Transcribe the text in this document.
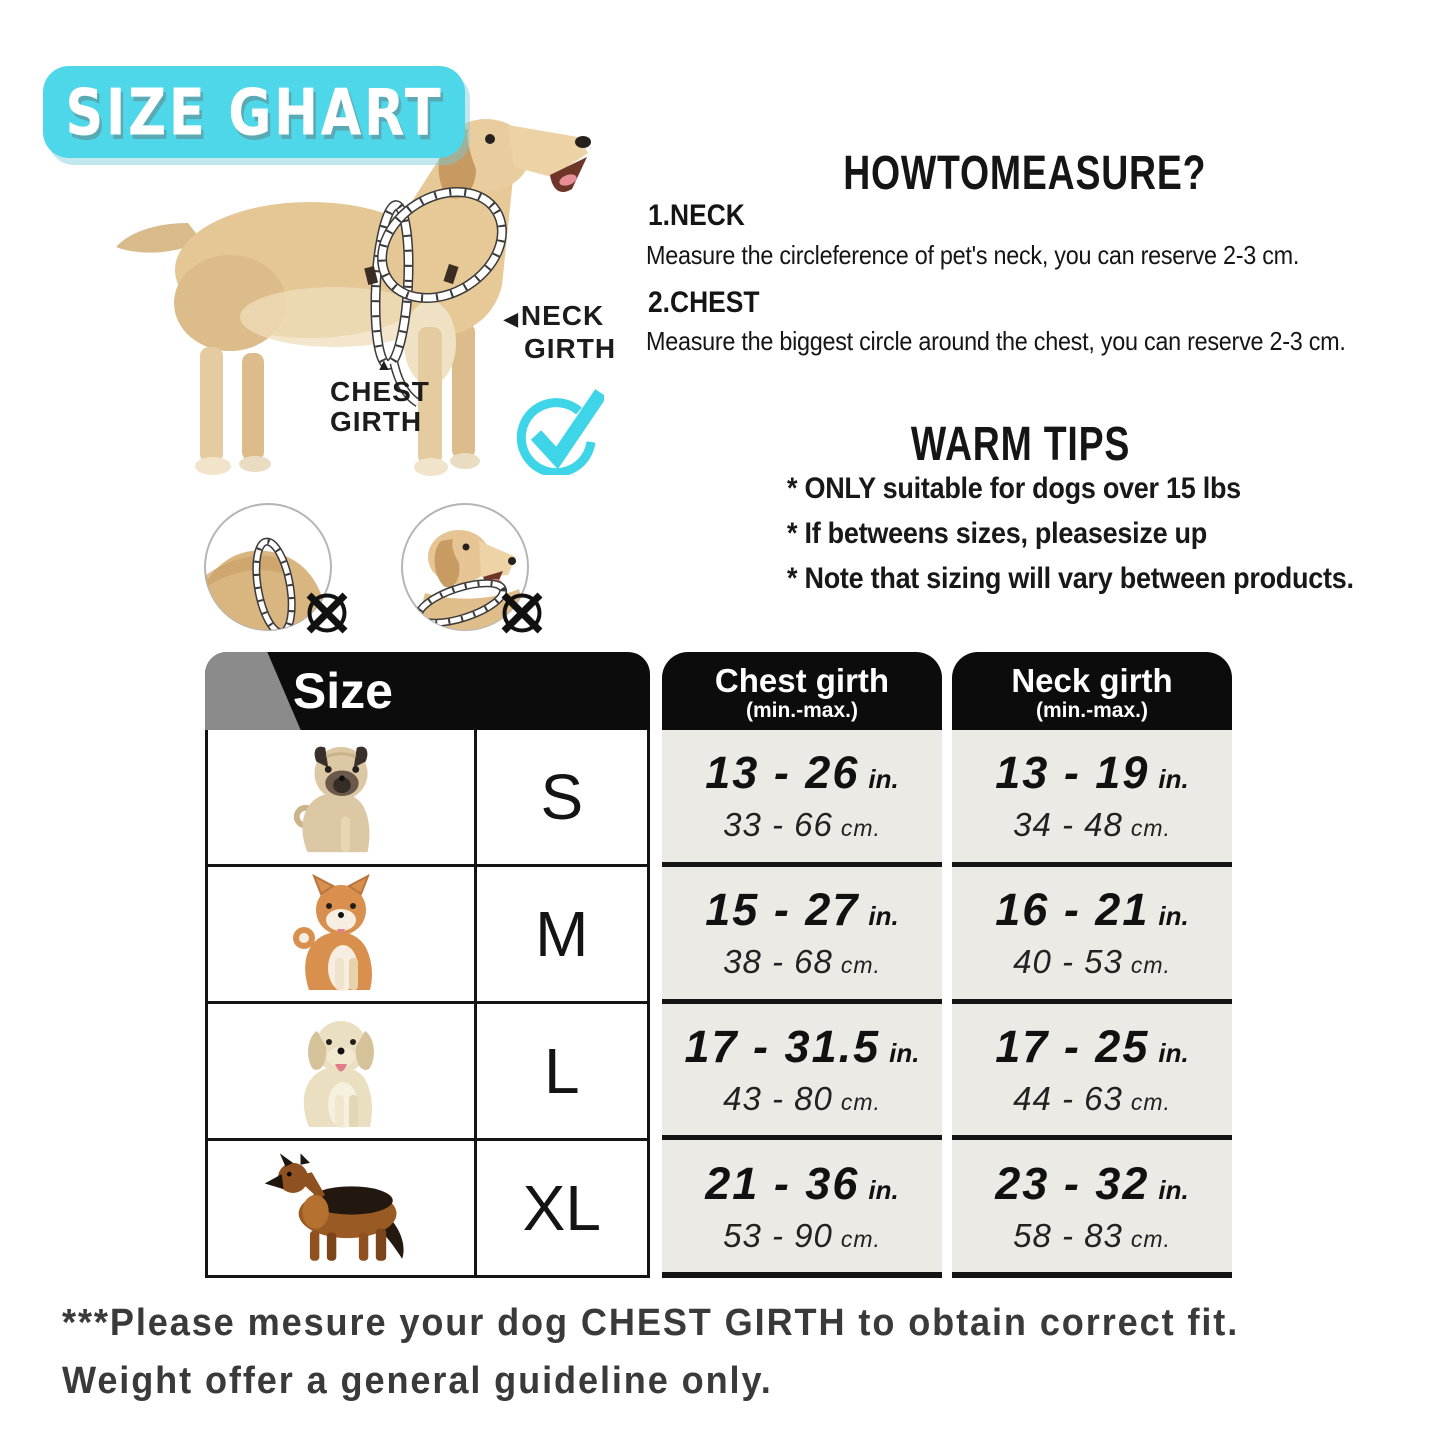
SIZE GHART
◀NECK
GIRTH
▲
CHEST
GIRTH
HOWTOMEASURE?
1.NECK
Measure the circleference of pet's neck, you can reserve 2-3 cm.
2.CHEST
Measure the biggest circle around the chest, you can reserve 2-3 cm.
WARM TIPS
* ONLY suitable for dogs over 15 lbs
* If betweens sizes, pleasesize up
* Note that sizing will vary between products.
Size
S
M
L
XL
Chest girth
(min.-max.)
13 - 26 in.
33 - 66 cm.
15 - 27 in.
38 - 68 cm.
17 - 31.5 in.
43 - 80 cm.
21 - 36 in.
53 - 90 cm.
Neck girth
(min.-max.)
13 - 19 in.
34 - 48 cm.
16 - 21 in.
40 - 53 cm.
17 - 25 in.
44 - 63 cm.
23 - 32 in.
58 - 83 cm.
***Please mesure your dog CHEST GIRTH to obtain correct fit.
Weight offer a general guideline only.
